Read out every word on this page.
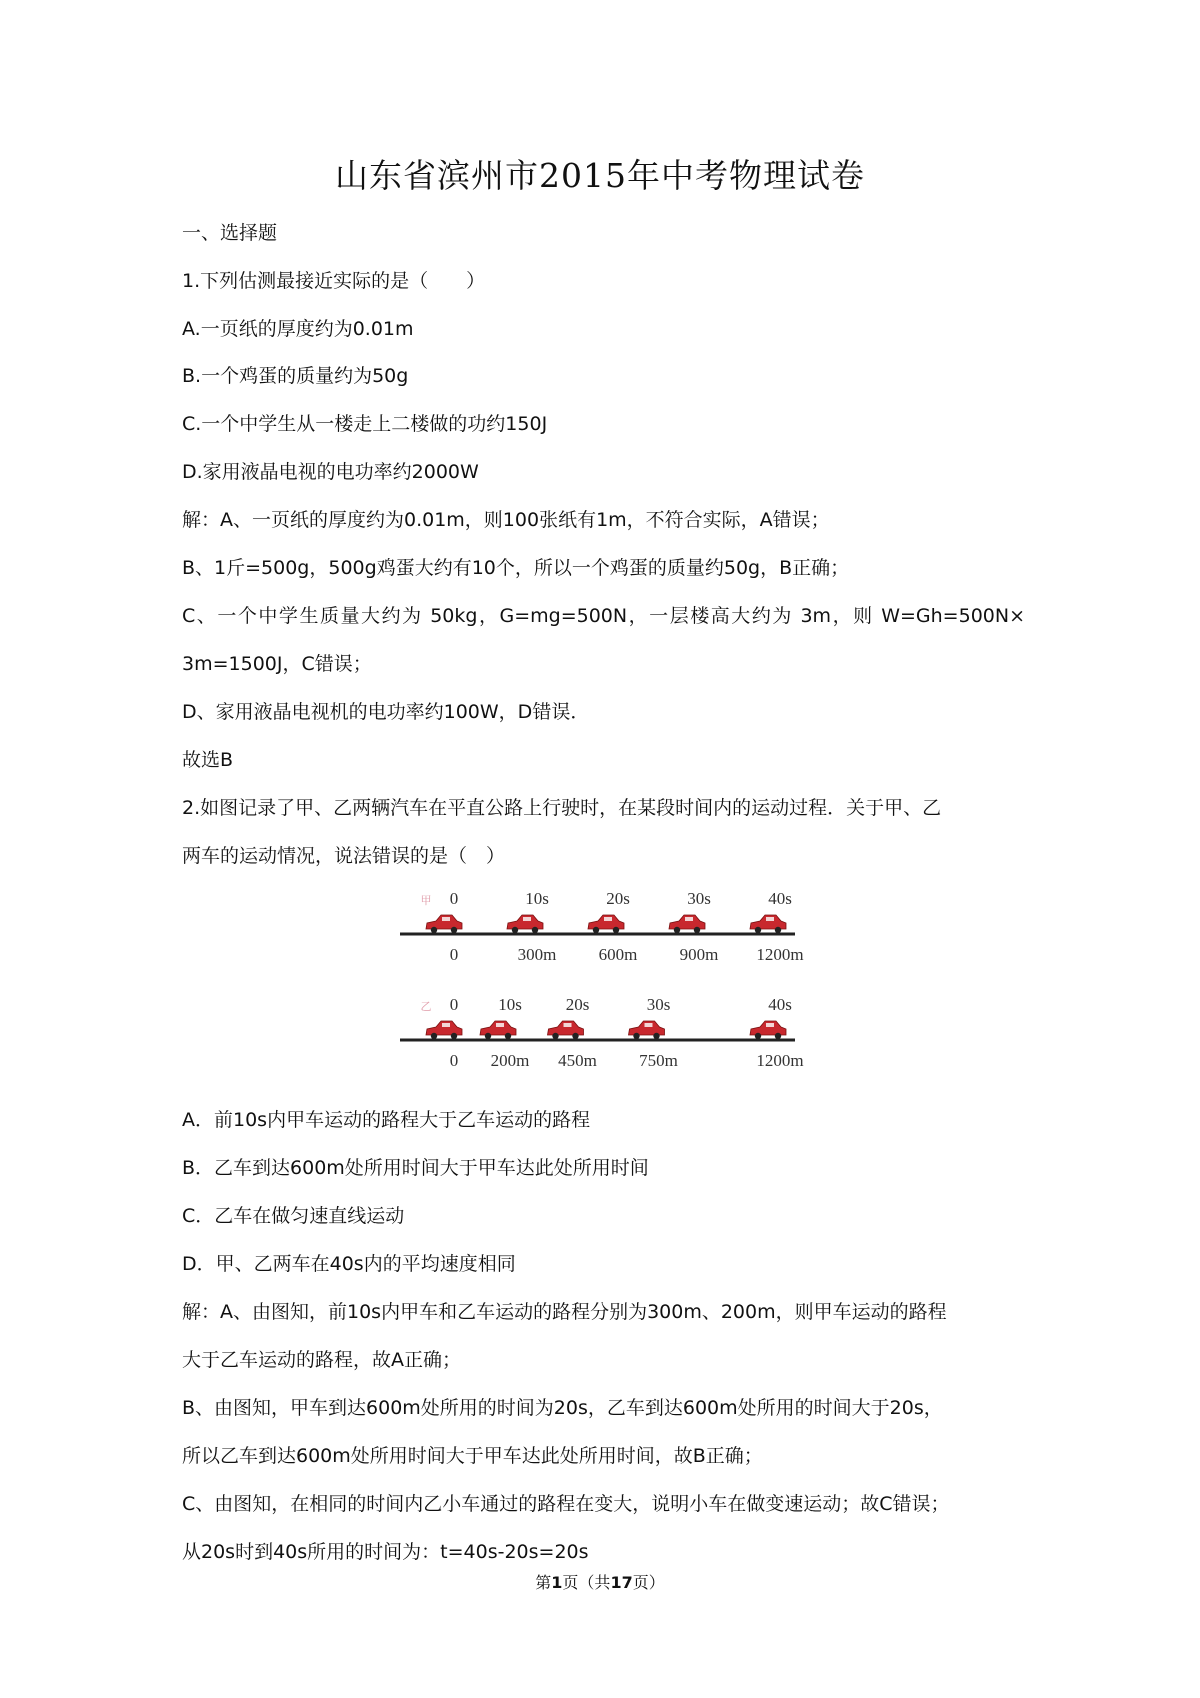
山东省滨州市2015年中考物理试卷
一、选择题
1.下列估测最接近实际的是（　　）
A.一页纸的厚度约为0.01m
B.一个鸡蛋的质量约为50g
C.一个中学生从一楼走上二楼做的功约150J
D.家用液晶电视的电功率约2000W
解：A、一页纸的厚度约为0.01m，则100张纸有1m，不符合实际，A错误；
B、1斤=500g，500g鸡蛋大约有10个，所以一个鸡蛋的质量约50g，B正确；
C、一个中学生质量大约为 50kg，G=mg=500N，一层楼高大约为 3m，则 W=Gh=500N×
3m=1500J，C错误；
D、家用液晶电视机的电功率约100W，D错误．
故选B
2.如图记录了甲、乙两辆汽车在平直公路上行驶时，在某段时间内的运动过程．关于甲、乙
两车的运动情况，说法错误的是（　）
甲 0
0
10s
300m
20s
600m
30s
900m
40s
1200m
乙 0
0
10s
200m
20s
450m
30s
750m
40s
1200m
A．前10s内甲车运动的路程大于乙车运动的路程
B．乙车到达600m处所用时间大于甲车达此处所用时间
C．乙车在做匀速直线运动
D．甲、乙两车在40s内的平均速度相同
解：A、由图知，前10s内甲车和乙车运动的路程分别为300m、200m，则甲车运动的路程
大于乙车运动的路程，故A正确；
B、由图知，甲车到达600m处所用的时间为20s，乙车到达600m处所用的时间大于20s，
所以乙车到达600m处所用时间大于甲车达此处所用时间，故B正确；
C、由图知，在相同的时间内乙小车通过的路程在变大，说明小车在做变速运动；故C错误；
从20s时到40s所用的时间为：t=40s-20s=20s
第1页（共17页）
